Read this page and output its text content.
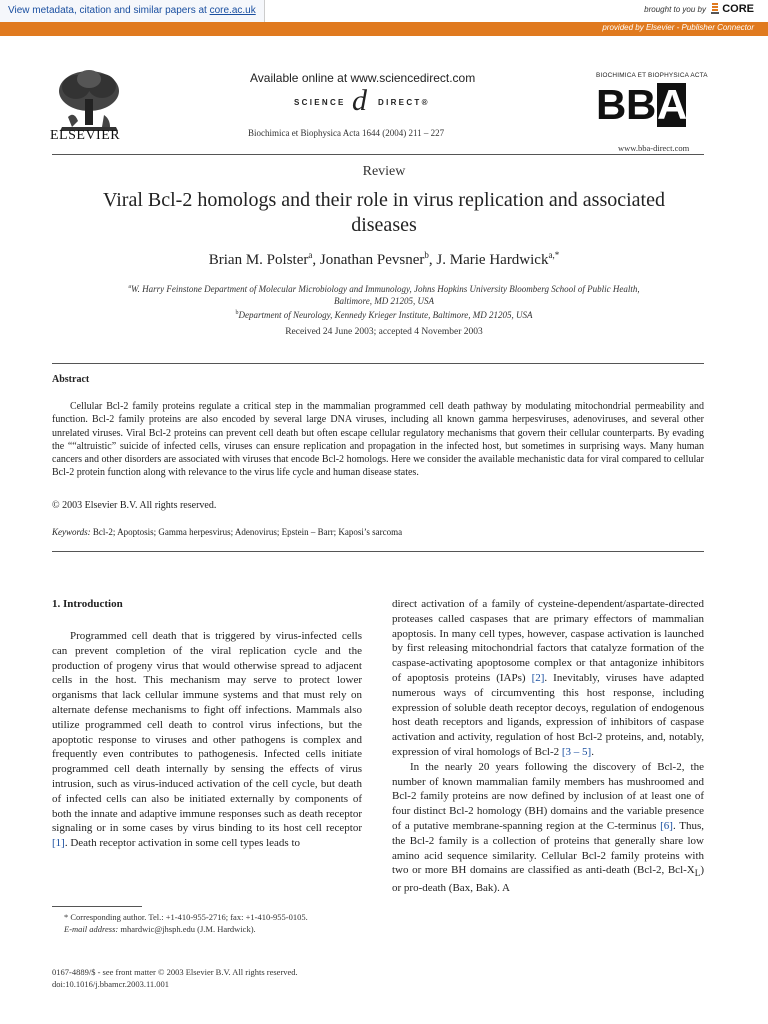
View metadata, citation and similar papers at core.ac.uk	brought to you by CORE
provided by Elsevier - Publisher Connector
ELSEVIER
Available online at www.sciencedirect.com
SCIENCE d DIRECT®
Biochimica et Biophysica Acta 1644 (2004) 211 – 227
BIOCHIMICA ET BIOPHYSICA ACTA
B B A
www.bba-direct.com
Review
Viral Bcl-2 homologs and their role in virus replication and associated diseases
Brian M. Polster$^a$, Jonathan Pevsner$^b$, J. Marie Hardwick$^{a,*}$
$^a$W. Harry Feinstone Department of Molecular Microbiology and Immunology, Johns Hopkins University Bloomberg School of Public Health,
Baltimore, MD 21205, USA
$^b$Department of Neurology, Kennedy Krieger Institute, Baltimore, MD 21205, USA
Received 24 June 2003; accepted 4 November 2003
Abstract

Cellular Bcl-2 family proteins regulate a critical step in the mammalian programmed cell death pathway by modulating mitochondrial permeability and function. Bcl-2 family proteins are also encoded by several large DNA viruses, including all known gamma herpesviruses, adenoviruses, and several other unrelated viruses. Viral Bcl-2 proteins can prevent cell death but often escape cellular regulatory mechanisms that govern their cellular counterparts. By evading the ““altruistic” suicide of infected cells, viruses can ensure replication and propagation in the infected host, but sometimes in surprising ways. Many human cancers and other disorders are associated with viruses that encode Bcl-2 homologs. Here we consider the available mechanistic data for viral compared to cellular Bcl-2 protein function along with relevance to the virus life cycle and human disease states.

© 2003 Elsevier B.V. All rights reserved.
Keywords: Bcl-2; Apoptosis; Gamma herpesvirus; Adenovirus; Epstein – Barr; Kaposi’s sarcoma
1. Introduction

Programmed cell death that is triggered by virus-infected cells can prevent completion of the viral replication cycle and the production of progeny virus that would otherwise spread to adjacent cells in the host. This mechanism may serve to protect lower organisms that lack cellular immune systems and that must rely on alternate defense mechanisms to fight off infections. Mammals also utilize programmed cell death to control virus infections, but the apoptotic response to viruses and other pathogens is complex and frequently even contributes to pathogenesis. Infected cells initiate programmed cell death internally by sensing the effects of virus intrusion, such as virus-induced activation of the cell cycle, but death of infected cells can also be initiated externally by components of both the innate and adaptive immune responses such as death receptor signaling or in some cases by virus binding to its host cell receptor [1]. Death receptor activation in some cell types leads to

direct activation of a family of cysteine-dependent/aspartate-directed proteases called caspases that are primary effectors of mammalian apoptosis. In many cell types, however, caspase activation is launched by first releasing mitochondrial factors that catalyze formation of the caspase-activating apoptosome complex or that antagonize inhibitors of apoptosis proteins (IAPs) [2]. Inevitably, viruses have adapted numerous ways of circumventing this host response, including expression of soluble death receptor decoys, regulation of endogenous host death receptors and ligands, expression of inhibitors of caspase activation and activity, regulation of host Bcl-2 proteins, and, notably, expression of viral homologs of Bcl-2 [3 – 5].
In the nearly 20 years following the discovery of Bcl-2, the number of known mammalian family members has mushroomed and Bcl-2 family proteins are now defined by inclusion of at least one of four distinct Bcl-2 homology (BH) domains and the variable presence of a putative membrane-spanning region at the C-terminus [6]. Thus, the Bcl-2 family is a collection of proteins that generally share low amino acid sequence similarity. Cellular Bcl-2 family proteins with two or more BH domains are classified as anti-death (Bcl-2, Bcl-$X_L$) or pro-death (Bax, Bak). A

* Corresponding author. Tel.: +1-410-955-2716; fax: +1-410-955-0105.
E-mail address: mhardwic@jhsph.edu (J.M. Hardwick).
0167-4889/$ - see front matter © 2003 Elsevier B.V. All rights reserved.
doi:10.1016/j.bbamcr.2003.11.001
